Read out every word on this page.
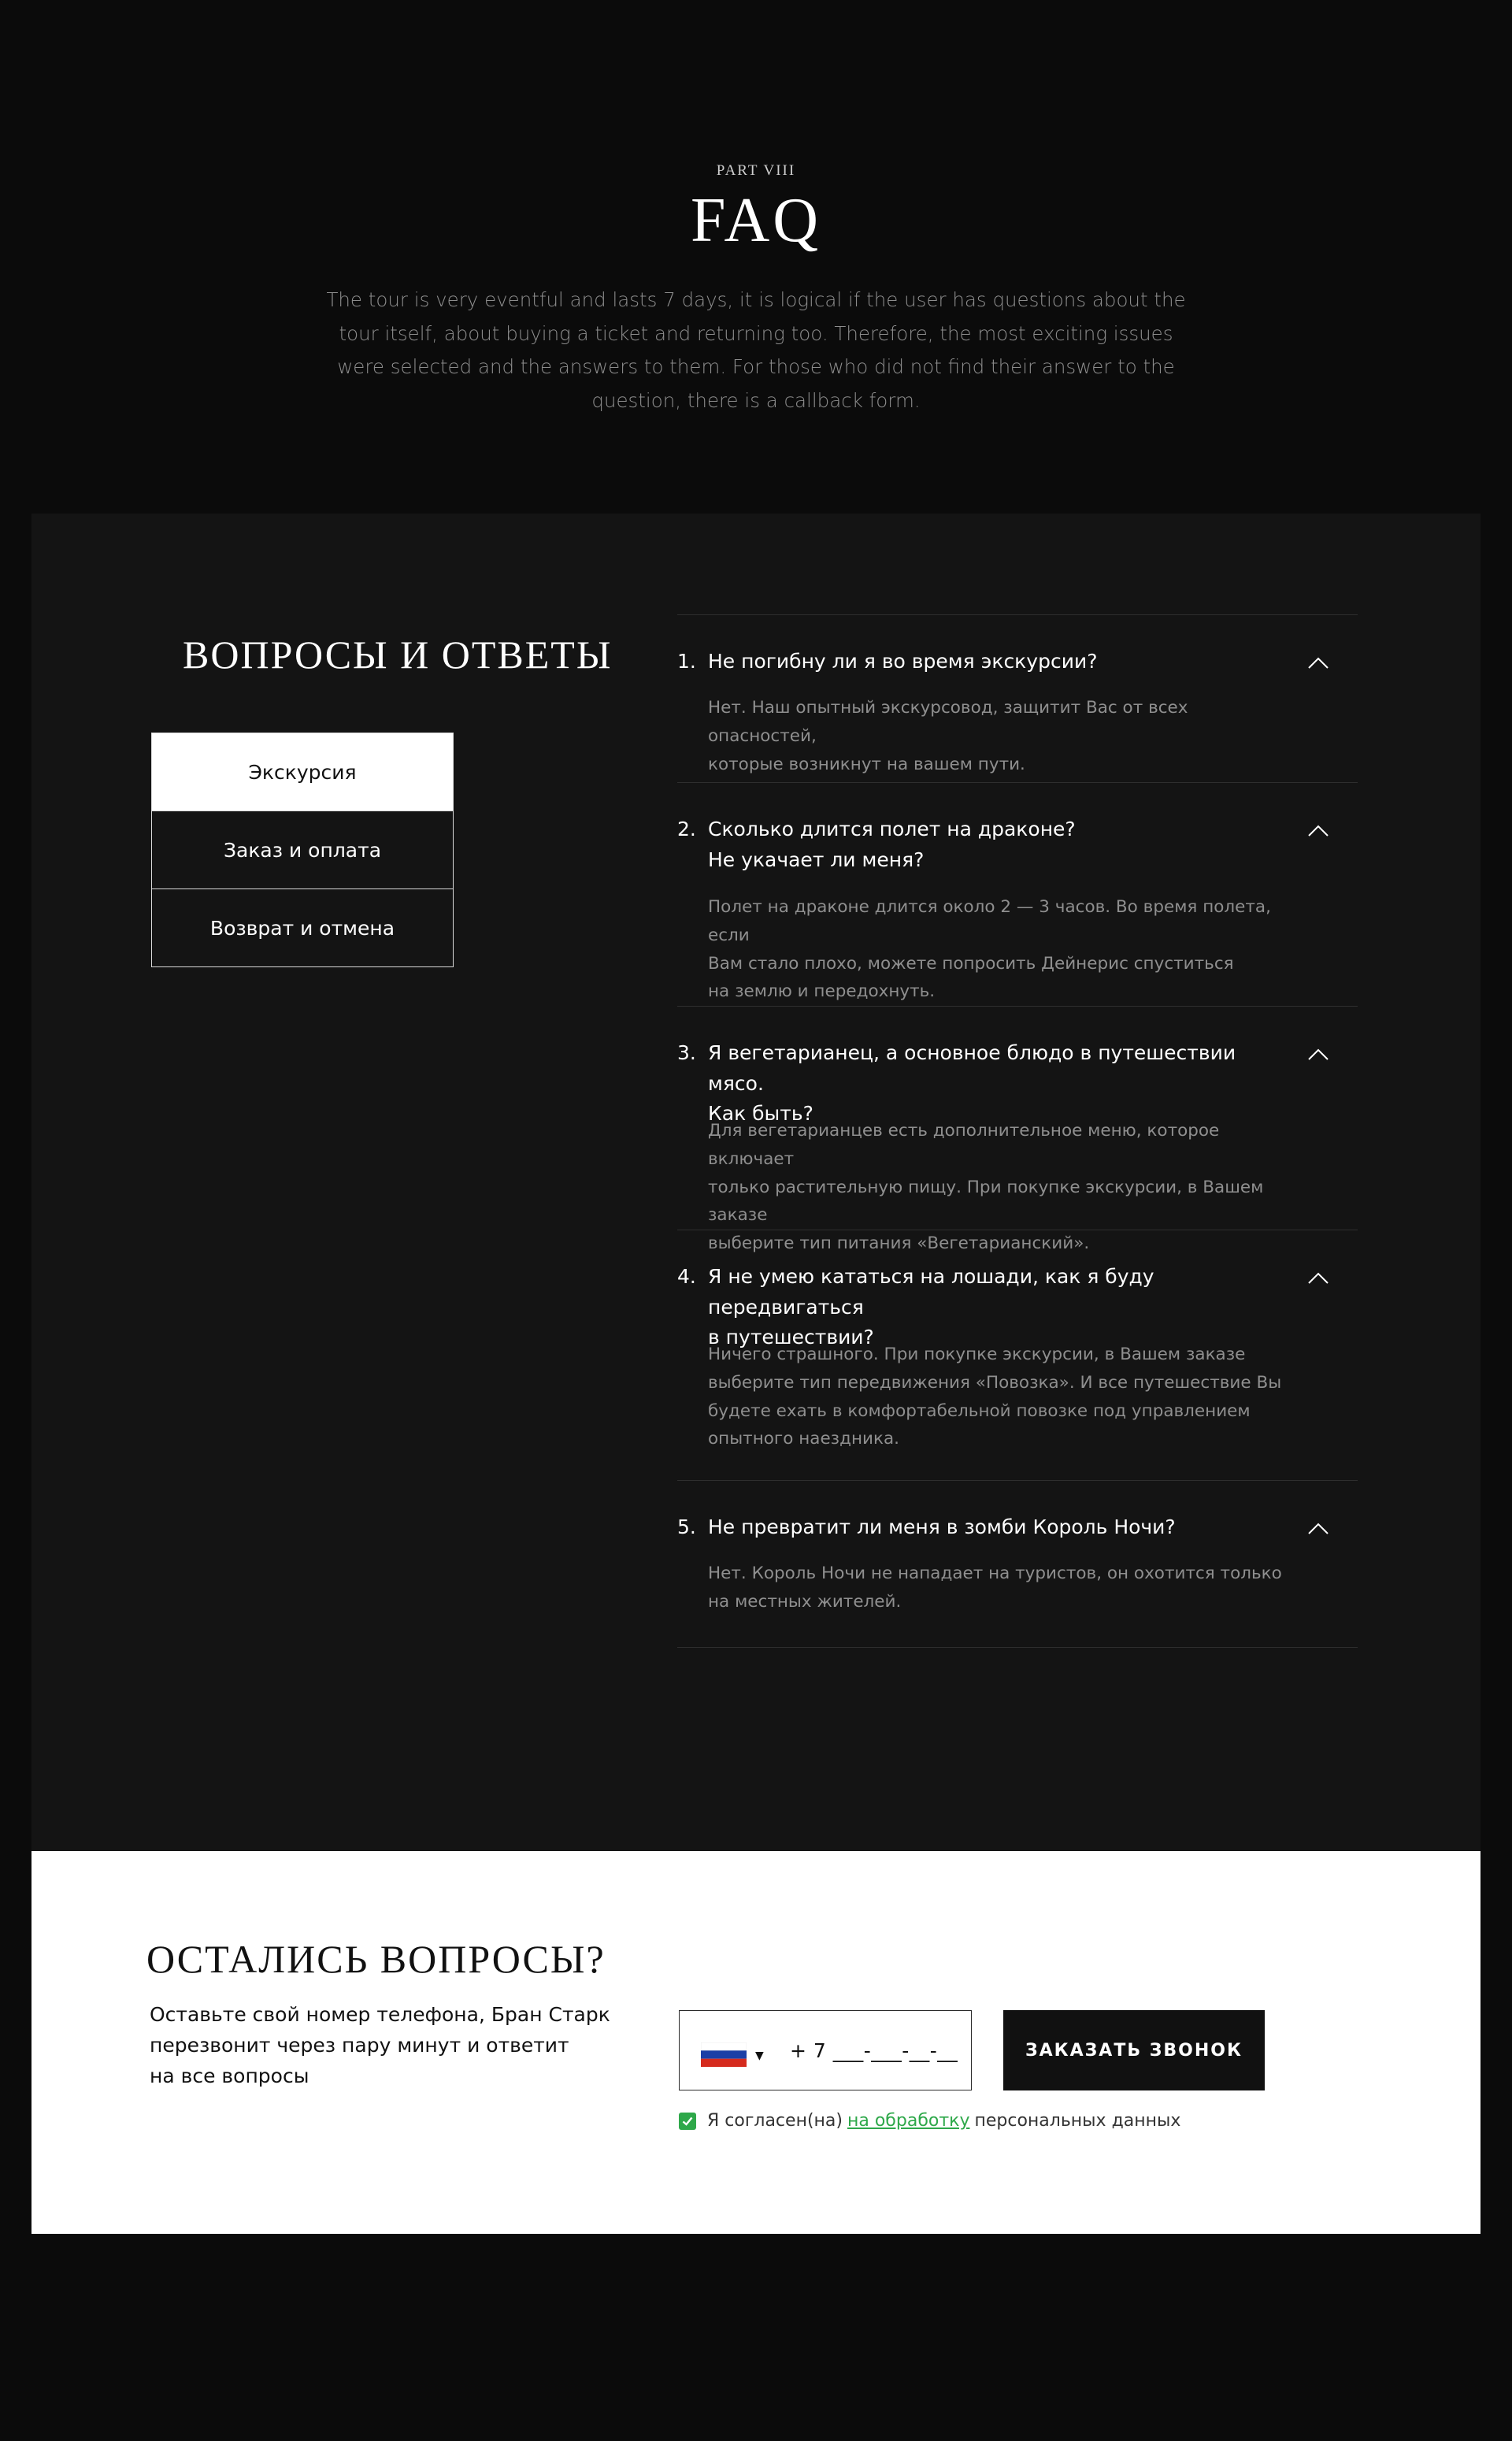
PART VIII
FAQ
The tour is very eventful and lasts 7 days, it is logical if the user has questions about the tour itself, about buying a ticket and returning too. Therefore, the most exciting issues were selected and the answers to them. For those who did not find their answer to the question, there is a callback form.
ВОПРОСЫ И ОТВЕТЫ
Экскурсия
Заказ и оплата
Возврат и отмена
1. Не погибну ли я во время экскурсии?
Нет. Наш опытный экскурсовод, защитит Вас от всех опасностей,
которые возникнут на вашем пути.
2. Сколько длится полет на драконе?
Не укачает ли меня?
Полет на драконе длится около 2 — 3 часов. Во время полета, если
Вам стало плохо, можете попросить Дейнерис спуститься
на землю и передохнуть.
3. Я вегетарианец, а основное блюдо в путешествии мясо.
Как быть?
Для вегетарианцев есть дополнительное меню, которое включает
только растительную пищу. При покупке экскурсии, в Вашем заказе
выберите тип питания «Вегетарианский».
4. Я не умею кататься на лошади, как я буду передвигаться
в путешествии?
Ничего страшного. При покупке экскурсии, в Вашем заказе
выберите тип передвижения «Повозка». И все путешествие Вы
будете ехать в комфортабельной повозке под управлением
опытного наездника.
5. Не превратит ли меня в зомби Король Ночи?
Нет. Король Ночи не нападает на туристов, он охотится только
на местных жителей.
ОСТАЛИСЬ ВОПРОСЫ?
Оставьте свой номер телефона, Бран Старк
перезвонит через пару минут и ответит
на все вопросы
▼ + 7 ___-___-__-__	ЗАКАЗАТЬ ЗВОНОК
Я согласен(на) на обработку персональных данных
